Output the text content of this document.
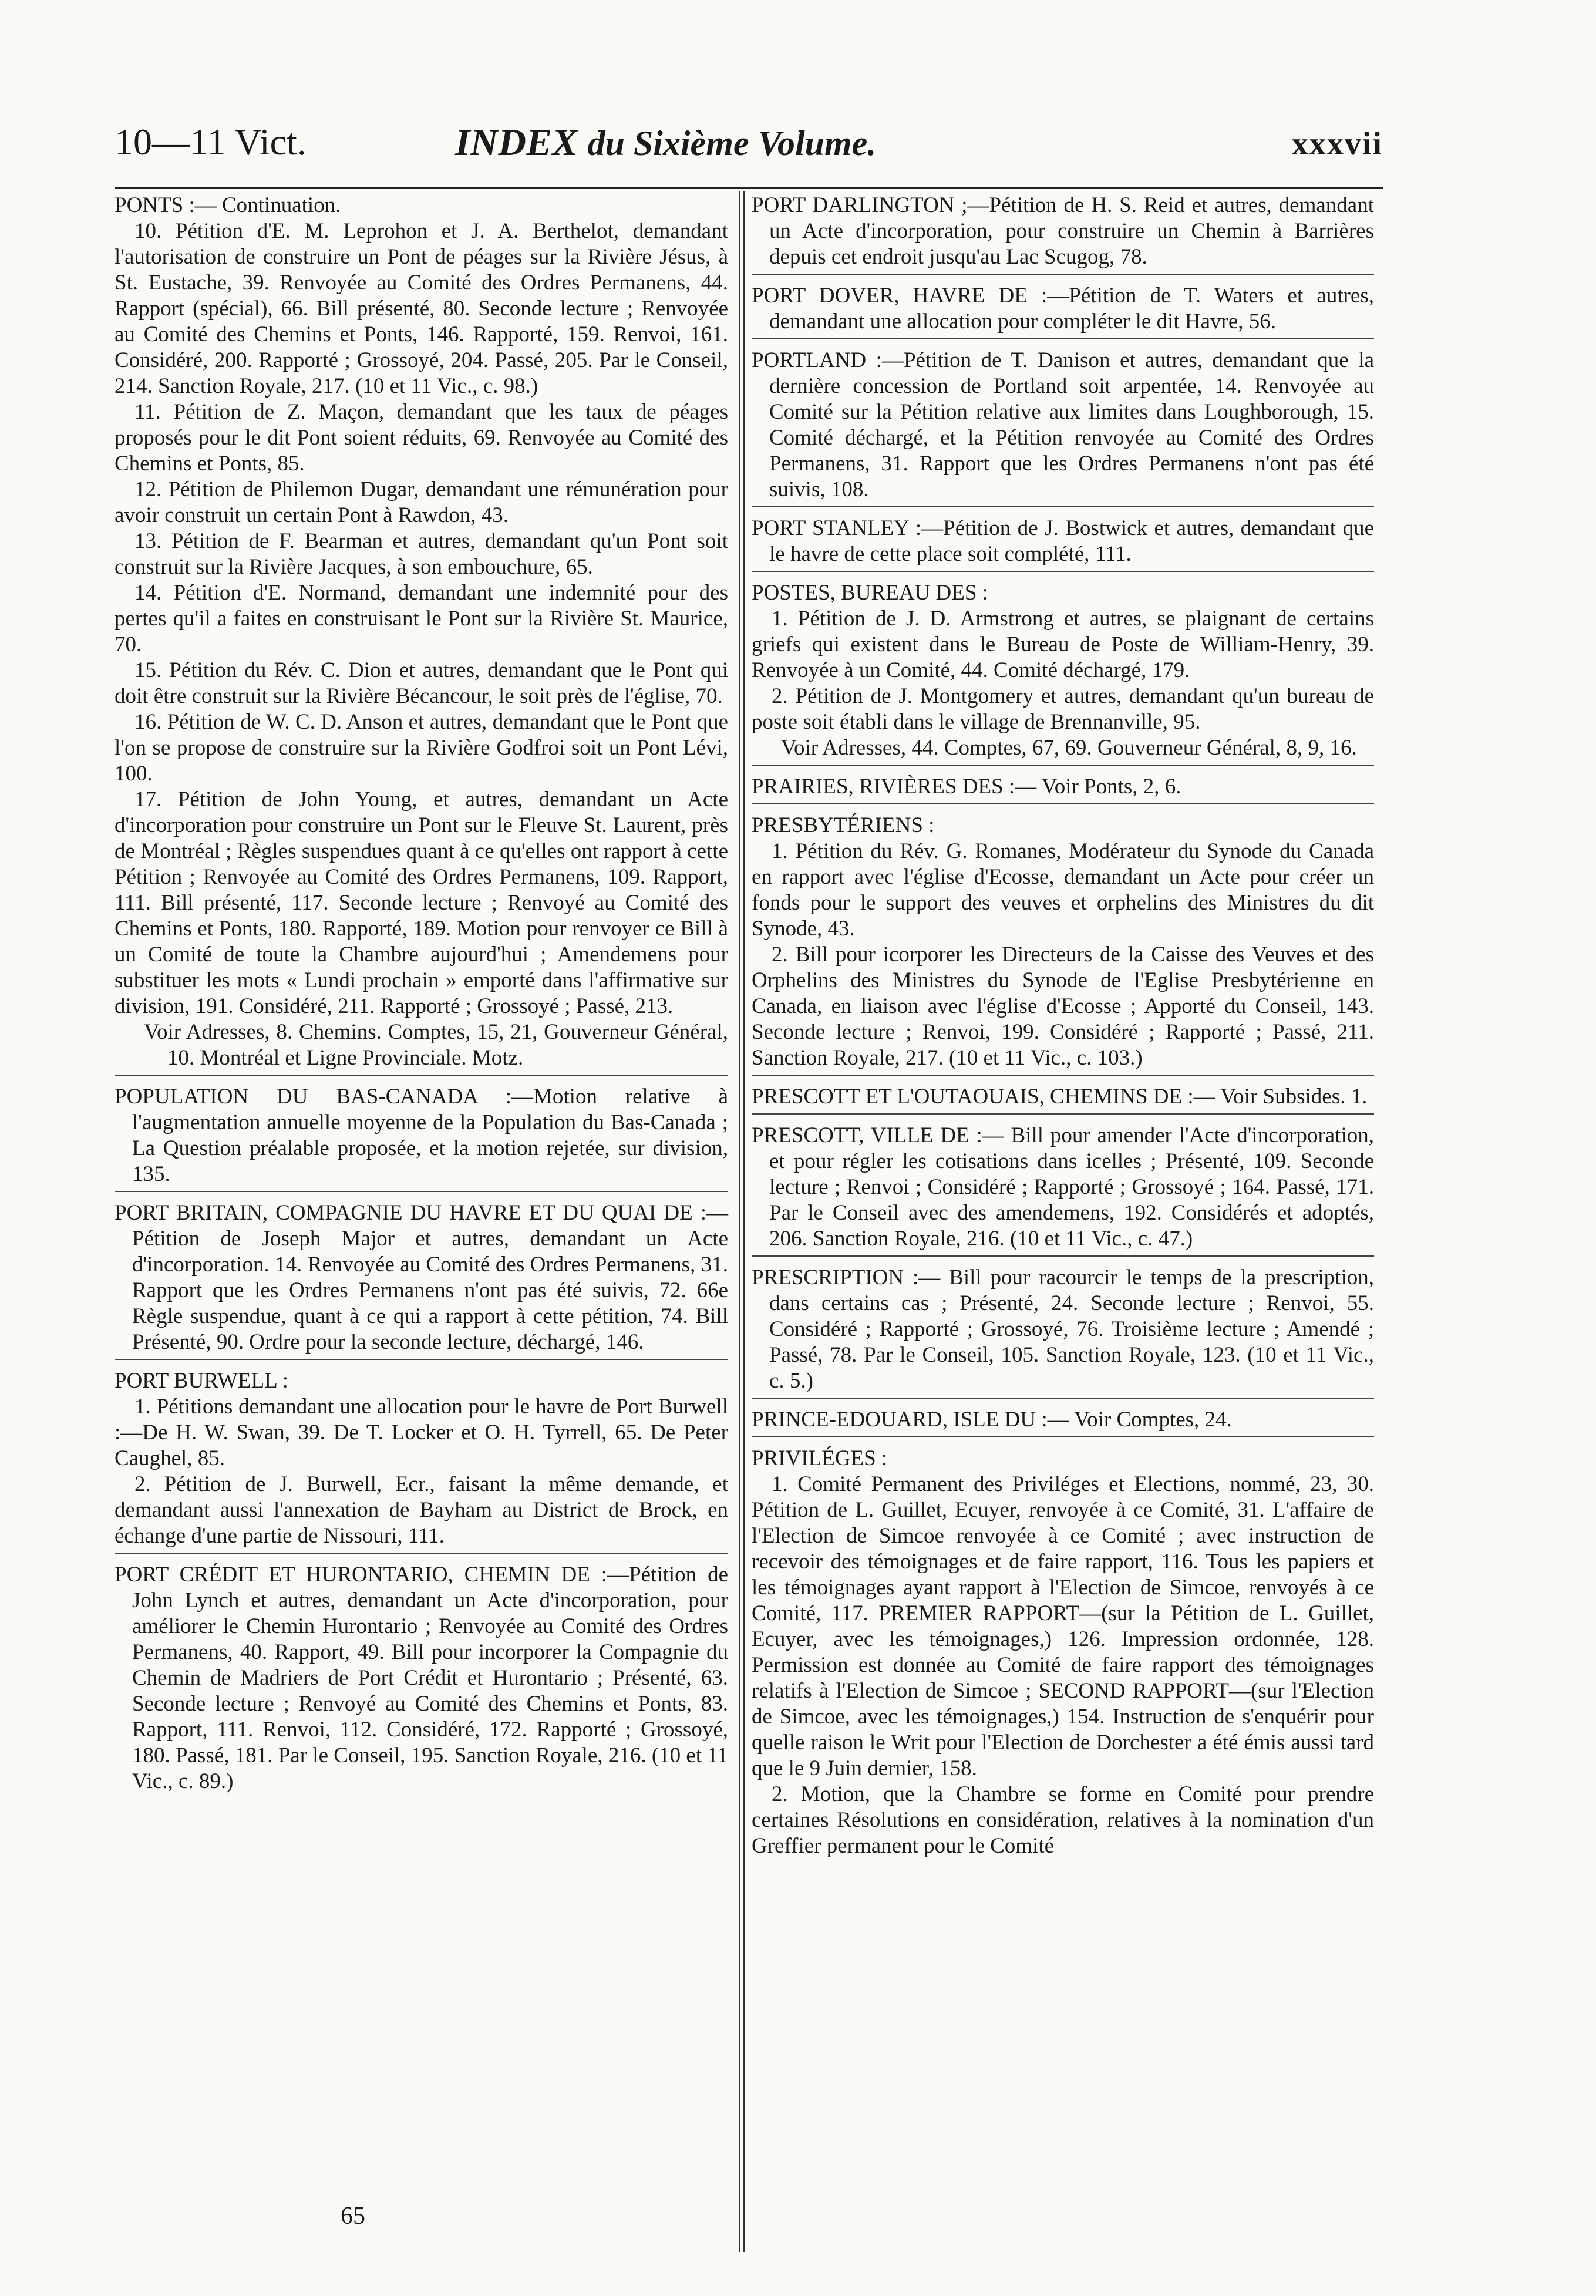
10—11 Vict.	INDEX du Sixième Volume.	xxxvii
PONTS :— Continuation.

10. Pétition d'E. M. Leprohon et J. A. Berthelot, demandant l'autorisation de construire un Pont de péages sur la Rivière Jésus, à St. Eustache, 39. Renvoyée au Comité des Ordres Permanens, 44. Rapport (spécial), 66. Bill présenté, 80. Seconde lecture ; Renvoyée au Comité des Chemins et Ponts, 146. Rapporté, 159. Renvoi, 161. Considéré, 200. Rapporté ; Grossoyé, 204. Passé, 205. Par le Conseil, 214. Sanction Royale, 217. (10 et 11 Vic., c. 98.)

11. Pétition de Z. Maçon, demandant que les taux de péages proposés pour le dit Pont soient réduits, 69. Renvoyée au Comité des Chemins et Ponts, 85.

12. Pétition de Philemon Dugar, demandant une rémunération pour avoir construit un certain Pont à Rawdon, 43.

13. Pétition de F. Bearman et autres, demandant qu'un Pont soit construit sur la Rivière Jacques, à son embouchure, 65.

14. Pétition d'E. Normand, demandant une indemnité pour des pertes qu'il a faites en construisant le Pont sur la Rivière St. Maurice, 70.

15. Pétition du Rév. C. Dion et autres, demandant que le Pont qui doit être construit sur la Rivière Bécancour, le soit près de l'église, 70.

16. Pétition de W. C. D. Anson et autres, demandant que le Pont que l'on se propose de construire sur la Rivière Godfroi soit un Pont Lévi, 100.

17. Pétition de John Young, et autres, demandant un Acte d'incorporation pour construire un Pont sur le Fleuve St. Laurent, près de Montréal ; Règles suspendues quant à ce qu'elles ont rapport à cette Pétition ; Renvoyée au Comité des Ordres Permanens, 109. Rapport, 111. Bill présenté, 117. Seconde lecture ; Renvoyé au Comité des Chemins et Ponts, 180. Rapporté, 189. Motion pour renvoyer ce Bill à un Comité de toute la Chambre aujourd'hui ; Amendemens pour substituer les mots « Lundi prochain » emporté dans l'affirmative sur division, 191. Considéré, 211. Rapporté ; Grossoyé ; Passé, 213.

Voir Adresses, 8. Chemins. Comptes, 15, 21, Gouverneur Général, 10. Montréal et Ligne Provinciale. Motz.

POPULATION DU BAS-CANADA :—Motion relative à l'augmentation annuelle moyenne de la Population du Bas-Canada ; La Question préalable proposée, et la motion rejetée, sur division, 135.
PORT BRITAIN, COMPAGNIE DU HAVRE ET DU QUAI DE :— Pétition de Joseph Major et autres, demandant un Acte d'incorporation. 14. Renvoyée au Comité des Ordres Permanens, 31. Rapport que les Ordres Permanens n'ont pas été suivis, 72. 66e Règle suspendue, quant à ce qui a rapport à cette pétition, 74. Bill Présenté, 90. Ordre pour la seconde lecture, déchargé, 146.
PORT BURWELL :

1. Pétitions demandant une allocation pour le havre de Port Burwell :—De H. W. Swan, 39. De T. Locker et O. H. Tyrrell, 65. De Peter Caughel, 85.

2. Pétition de J. Burwell, Ecr., faisant la même demande, et demandant aussi l'annexation de Bayham au District de Brock, en échange d'une partie de Nissouri, 111.

PORT CRÉDIT ET HURONTARIO, CHEMIN DE :—Pétition de John Lynch et autres, demandant un Acte d'incorporation, pour améliorer le Chemin Hurontario ; Renvoyée au Comité des Ordres Permanens, 40. Rapport, 49. Bill pour incorporer la Compagnie du Chemin de Madriers de Port Crédit et Hurontario ; Présenté, 63. Seconde lecture ; Renvoyé au Comité des Chemins et Ponts, 83. Rapport, 111. Renvoi, 112. Considéré, 172. Rapporté ; Grossoyé, 180. Passé, 181. Par le Conseil, 195. Sanction Royale, 216. (10 et 11 Vic., c. 89.)
PORT DARLINGTON ;—Pétition de H. S. Reid et autres, demandant un Acte d'incorporation, pour construire un Chemin à Barrières depuis cet endroit jusqu'au Lac Scugog, 78.
PORT DOVER, HAVRE DE :—Pétition de T. Waters et autres, demandant une allocation pour compléter le dit Havre, 56.
PORTLAND :—Pétition de T. Danison et autres, demandant que la dernière concession de Portland soit arpentée, 14. Renvoyée au Comité sur la Pétition relative aux limites dans Loughborough, 15. Comité déchargé, et la Pétition renvoyée au Comité des Ordres Permanens, 31. Rapport que les Ordres Permanens n'ont pas été suivis, 108.
PORT STANLEY :—Pétition de J. Bostwick et autres, demandant que le havre de cette place soit complété, 111.
POSTES, BUREAU DES :

1. Pétition de J. D. Armstrong et autres, se plaignant de certains griefs qui existent dans le Bureau de Poste de William-Henry, 39. Renvoyée à un Comité, 44. Comité déchargé, 179.

2. Pétition de J. Montgomery et autres, demandant qu'un bureau de poste soit établi dans le village de Brennanville, 95.

Voir Adresses, 44. Comptes, 67, 69. Gouverneur Général, 8, 9, 16.

PRAIRIES, RIVIÈRES DES :— Voir Ponts, 2, 6.
PRESBYTÉRIENS :

1. Pétition du Rév. G. Romanes, Modérateur du Synode du Canada en rapport avec l'église d'Ecosse, demandant un Acte pour créer un fonds pour le support des veuves et orphelins des Ministres du dit Synode, 43.

2. Bill pour icorporer les Directeurs de la Caisse des Veuves et des Orphelins des Ministres du Synode de l'Eglise Presbytérienne en Canada, en liaison avec l'église d'Ecosse ; Apporté du Conseil, 143. Seconde lecture ; Renvoi, 199. Considéré ; Rapporté ; Passé, 211. Sanction Royale, 217. (10 et 11 Vic., c. 103.)

PRESCOTT ET L'OUTAOUAIS, CHEMINS DE :— Voir Subsides. 1.
PRESCOTT, VILLE DE :— Bill pour amender l'Acte d'incorporation, et pour régler les cotisations dans icelles ; Présenté, 109. Seconde lecture ; Renvoi ; Considéré ; Rapporté ; Grossoyé ; 164. Passé, 171. Par le Conseil avec des amendemens, 192. Considérés et adoptés, 206. Sanction Royale, 216. (10 et 11 Vic., c. 47.)
PRESCRIPTION :— Bill pour racourcir le temps de la prescription, dans certains cas ; Présenté, 24. Seconde lecture ; Renvoi, 55. Considéré ; Rapporté ; Grossoyé, 76. Troisième lecture ; Amendé ; Passé, 78. Par le Conseil, 105. Sanction Royale, 123. (10 et 11 Vic., c. 5.)
PRINCE-EDOUARD, ISLE DU :— Voir Comptes, 24.
PRIVILÉGES :

1. Comité Permanent des Priviléges et Elections, nommé, 23, 30. Pétition de L. Guillet, Ecuyer, renvoyée à ce Comité, 31. L'affaire de l'Election de Simcoe renvoyée à ce Comité ; avec instruction de recevoir des témoignages et de faire rapport, 116. Tous les papiers et les témoignages ayant rapport à l'Election de Simcoe, renvoyés à ce Comité, 117. PREMIER RAPPORT—(sur la Pétition de L. Guillet, Ecuyer, avec les témoignages,) 126. Impression ordonnée, 128. Permission est donnée au Comité de faire rapport des témoignages relatifs à l'Election de Simcoe ; SECOND RAPPORT—(sur l'Election de Simcoe, avec les témoignages,) 154. Instruction de s'enquérir pour quelle raison le Writ pour l'Election de Dorchester a été émis aussi tard que le 9 Juin dernier, 158.

2. Motion, que la Chambre se forme en Comité pour prendre certaines Résolutions en considération, relatives à la nomination d'un Greffier permanent pour le Comité

65
